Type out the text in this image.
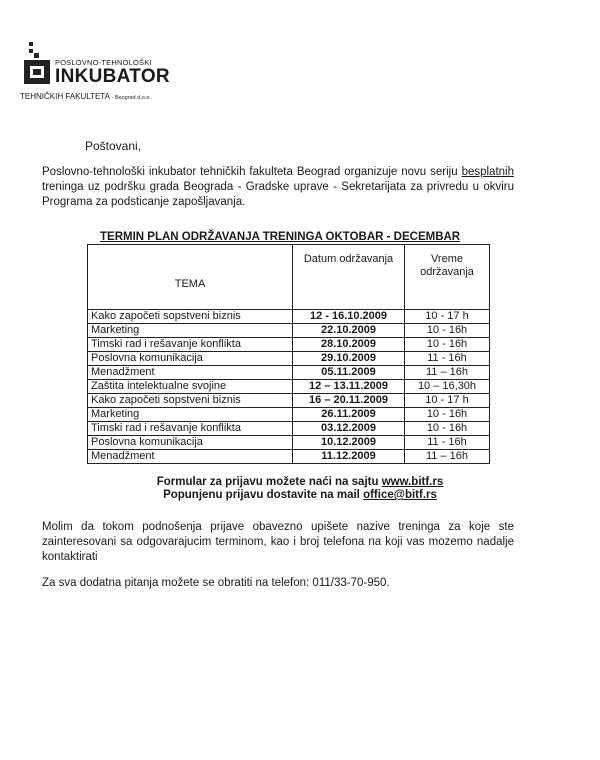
POSLOVNO-TEHNOLOŠKI
INKUBATOR
TEHNIČKIH FAKULTETA - Beograd d.o.o.
Poštovani,
Poslovno-tehnološki inkubator tehničkih fakulteta Beograd organizuje novu seriju besplatnih treninga uz podršku grada Beograda - Gradske uprave - Sekretarijata za privredu u okviru Programa za podsticanje zapošljavanja.
TERMIN PLAN ODRŽAVANJA TRENINGA OKTOBAR - DECEMBAR
TEMA	Datum održavanja	Vreme održavanja
Kako započeti sopstveni biznis	12 - 16.10.2009	10 - 17 h
Marketing	22.10.2009	10 - 16h
Timski rad i rešavanje konflikta	28.10.2009	10 - 16h
Poslovna komunikacija	29.10.2009	11 - 16h
Menadžment	05.11.2009	11 – 16h
Zaštita intelektualne svojine	12 – 13.11.2009	10 – 16,30h
Kako započeti sopstveni biznis	16 – 20.11.2009	10 - 17 h
Marketing	26.11.2009	10 - 16h
Timski rad i rešavanje konflikta	03.12.2009	10 - 16h
Poslovna komunikacija	10.12.2009	11 - 16h
Menadžment	11.12.2009	11 – 16h
Formular za prijavu možete naći na sajtu www.bitf.rs
Popunjenu prijavu dostavite na mail office@bitf.rs
Molim da tokom podnošenja prijave obavezno upišete nazive treninga za koje ste zainteresovani sa odgovarajucim terminom, kao i broj telefona na koji vas mozemo nadalje kontaktirati
Za sva dodatna pitanja možete se obratiti na telefon: 011/33-70-950.
